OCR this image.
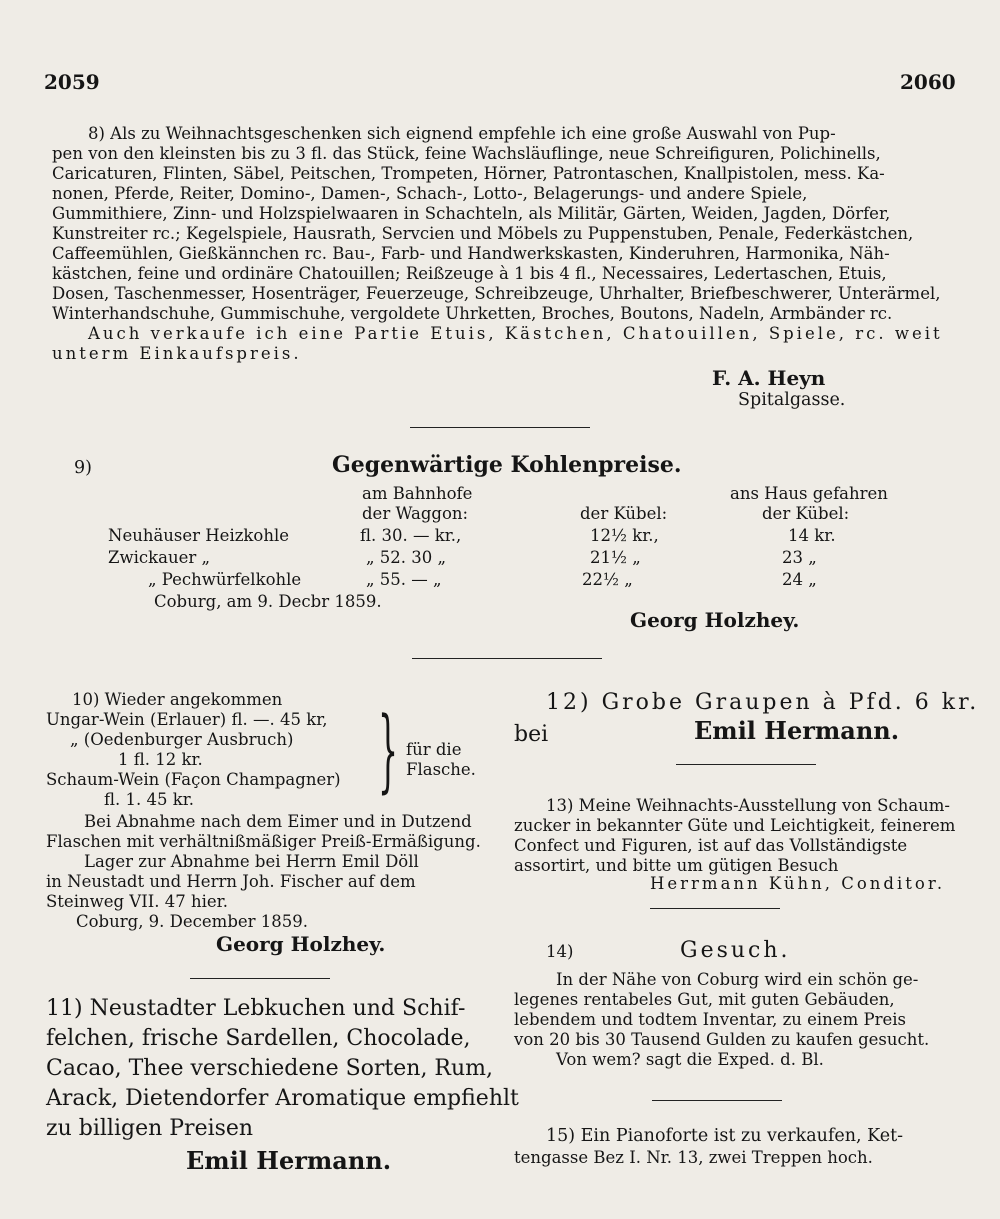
2059	2060
8) Als zu Weihnachtsgeschenken sich eignend empfehle ich eine große Auswahl von Pup-
pen von den kleinsten bis zu 3 fl. das Stück, feine Wachsläuflinge, neue Schreifiguren, Polichinells,
Caricaturen, Flinten, Säbel, Peitschen, Trompeten, Hörner, Patrontaschen, Knallpistolen, mess. Ka-
nonen, Pferde, Reiter, Domino-, Damen-, Schach-, Lotto-, Belagerungs- und andere Spiele,
Gummithiere, Zinn- und Holzspielwaaren in Schachteln, als Militär, Gärten, Weiden, Jagden, Dörfer,
Kunstreiter rc.; Kegelspiele, Hausrath, Servcien und Möbels zu Puppenstuben, Penale, Federkästchen,
Caffeemühlen, Gießkännchen rc. Bau-, Farb- und Handwerkskasten, Kinderuhren, Harmonika, Näh-
kästchen, feine und ordinäre Chatouillen; Reißzeuge à 1 bis 4 fl., Necessaires, Ledertaschen, Etuis,
Dosen, Taschenmesser, Hosenträger, Feuerzeuge, Schreibzeuge, Uhrhalter, Briefbeschwerer, Unterärmel,
Winterhandschuhe, Gummischuhe, vergoldete Uhrketten, Broches, Boutons, Nadeln, Armbänder rc.
Auch verkaufe ich eine Partie Etuis, Kästchen, Chatouillen, Spiele, rc. weit
unterm Einkaufspreis.
F. A. Heyn
Spitalgasse.
9)	Gegenwärtige Kohlenpreise.
am Bahnhofe
der Waggon:	der Kübel:
ans Haus gefahren
der Kübel:
Neuhäuser Heizkohle	fl. 30. — kr.,	12½ kr.,	14 kr.
Zwickauer „	„ 52. 30 „	21½ „	23 „
„ Pechwürfelkohle	„ 55. — „	22½ „	24 „
Coburg, am 9. Decbr 1859.
Georg Holzhey.
10) Wieder angekommen
Ungar-Wein (Erlauer) fl. —. 45 kr,
„ (Oedenburger Ausbruch)
1 fl. 12 kr.
Schaum-Wein (Façon Champagner)
fl. 1. 45 kr. } für die
Flasche.
Bei Abnahme nach dem Eimer und in Dutzend
Flaschen mit verhältnißmäßiger Preiß-Ermäßigung.
Lager zur Abnahme bei Herrn Emil Döll
in Neustadt und Herrn Joh. Fischer auf dem
Steinweg VII. 47 hier.
Coburg, 9. December 1859.
Georg Holzhey.
11) Neustadter Lebkuchen und Schif-
felchen, frische Sardellen, Chocolade,
Cacao, Thee verschiedene Sorten, Rum,
Arack, Dietendorfer Aromatique empfiehlt
zu billigen Preisen
Emil Hermann.
12) Grobe Graupen à Pfd. 6 kr.
bei	Emil Hermann.
13) Meine Weihnachts-Ausstellung von Schaum-
zucker in bekannter Güte und Leichtigkeit, feinerem
Confect und Figuren, ist auf das Vollständigste
assortirt, und bitte um gütigen Besuch
Herrmann Kühn, Conditor.
14)	Gesuch.
In der Nähe von Coburg wird ein schön ge-
legenes rentabeles Gut, mit guten Gebäuden,
lebendem und todtem Inventar, zu einem Preis
von 20 bis 30 Tausend Gulden zu kaufen gesucht.
Von wem? sagt die Exped. d. Bl.
15) Ein Pianoforte ist zu verkaufen, Ket-
tengasse Bez I. Nr. 13, zwei Treppen hoch.
